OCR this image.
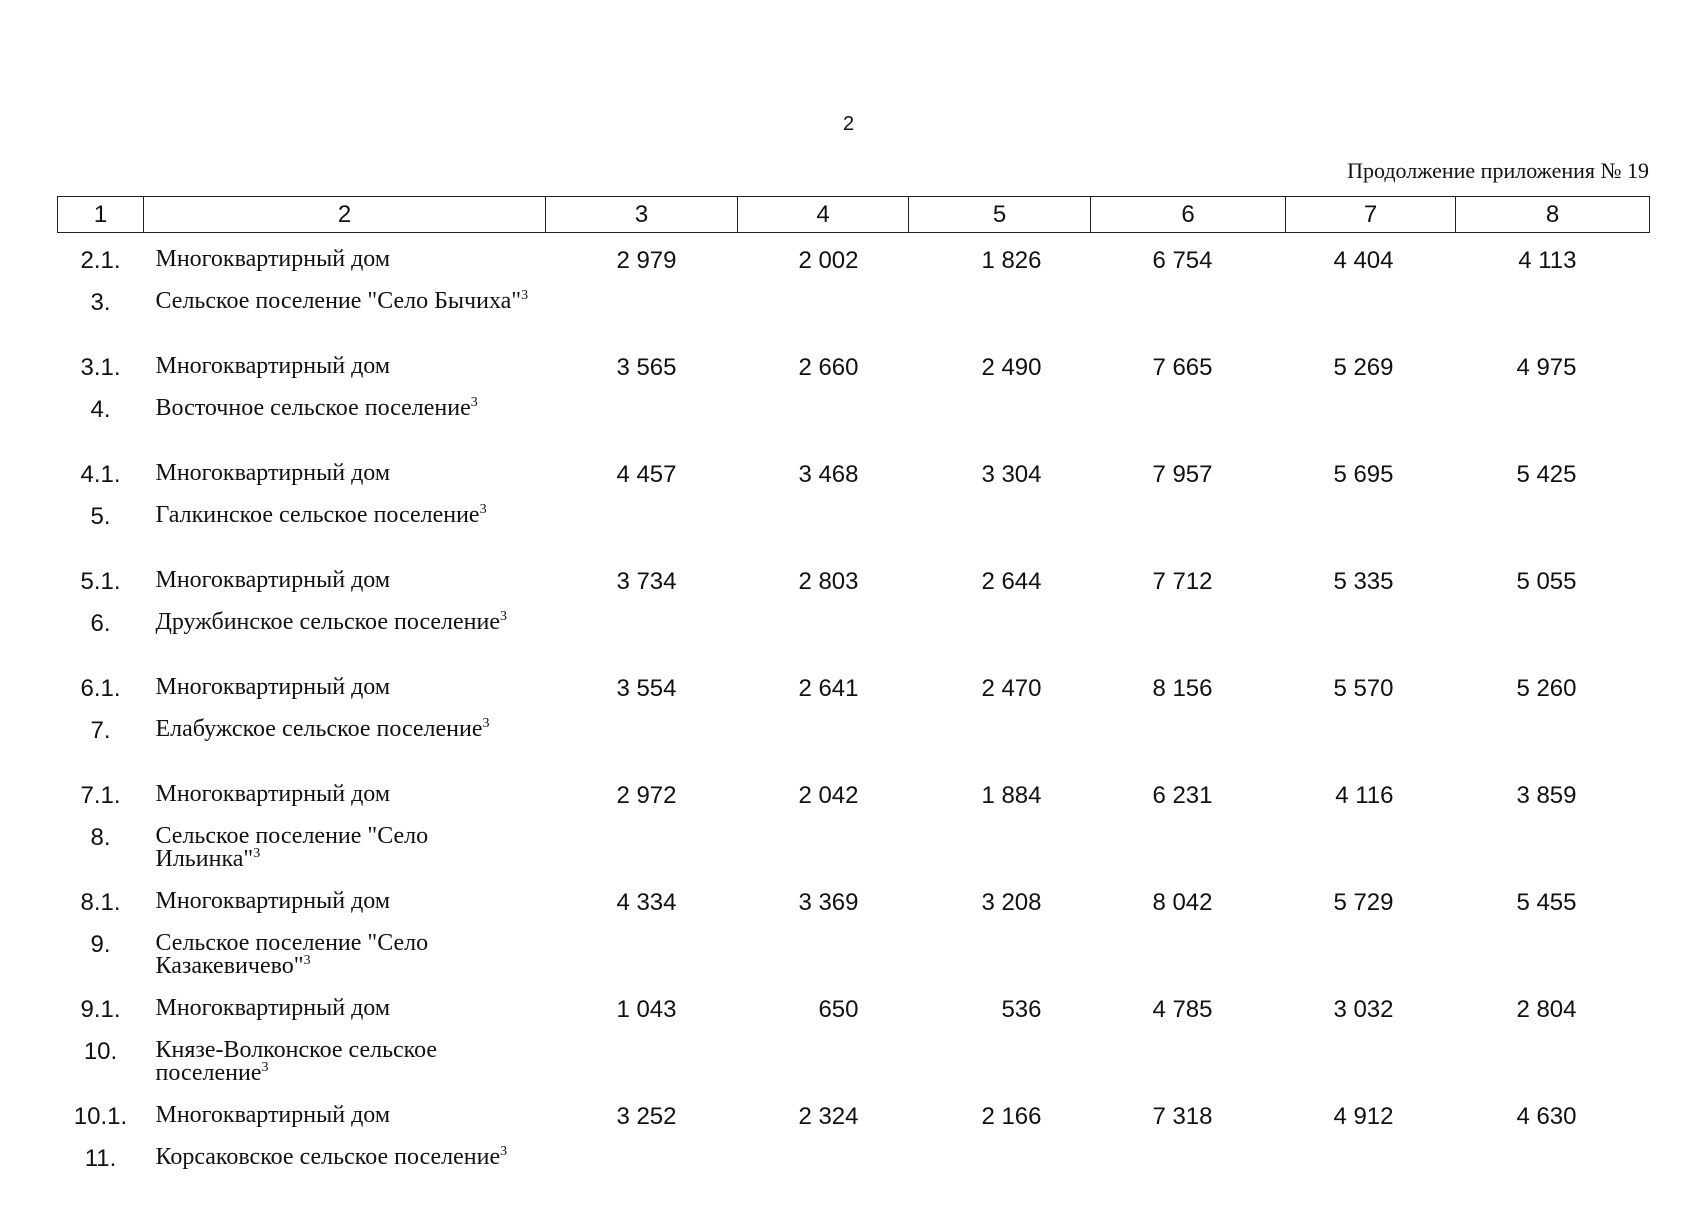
2
Продолжение приложения № 19
1	2	3	4	5	6	7	8
2.1.	Многоквартирный дом	2 979	2 002	1 826	6 754	4 404	4 113
3.	Сельское поселение "Село Бычиха"$^3$						
3.1.	Многоквартирный дом	3 565	2 660	2 490	7 665	5 269	4 975
4.	Восточное сельское поселение$^3$						
4.1.	Многоквартирный дом	4 457	3 468	3 304	7 957	5 695	5 425
5.	Галкинское сельское поселение$^3$						
5.1.	Многоквартирный дом	3 734	2 803	2 644	7 712	5 335	5 055
6.	Дружбинское сельское поселение$^3$						
6.1.	Многоквартирный дом	3 554	2 641	2 470	8 156	5 570	5 260
7.	Елабужское сельское поселение$^3$						
7.1.	Многоквартирный дом	2 972	2 042	1 884	6 231	4 116	3 859
8.	Сельское поселение "Село Ильинка"$^3$						
8.1.	Многоквартирный дом	4 334	3 369	3 208	8 042	5 729	5 455
9.	Сельское поселение "Село Казакевичево"$^3$						
9.1.	Многоквартирный дом	1 043	650	536	4 785	3 032	2 804
10.	Князе-Волконское сельское поселение$^3$						
10.1.	Многоквартирный дом	3 252	2 324	2 166	7 318	4 912	4 630
11.	Корсаковское сельское поселение$^3$						
